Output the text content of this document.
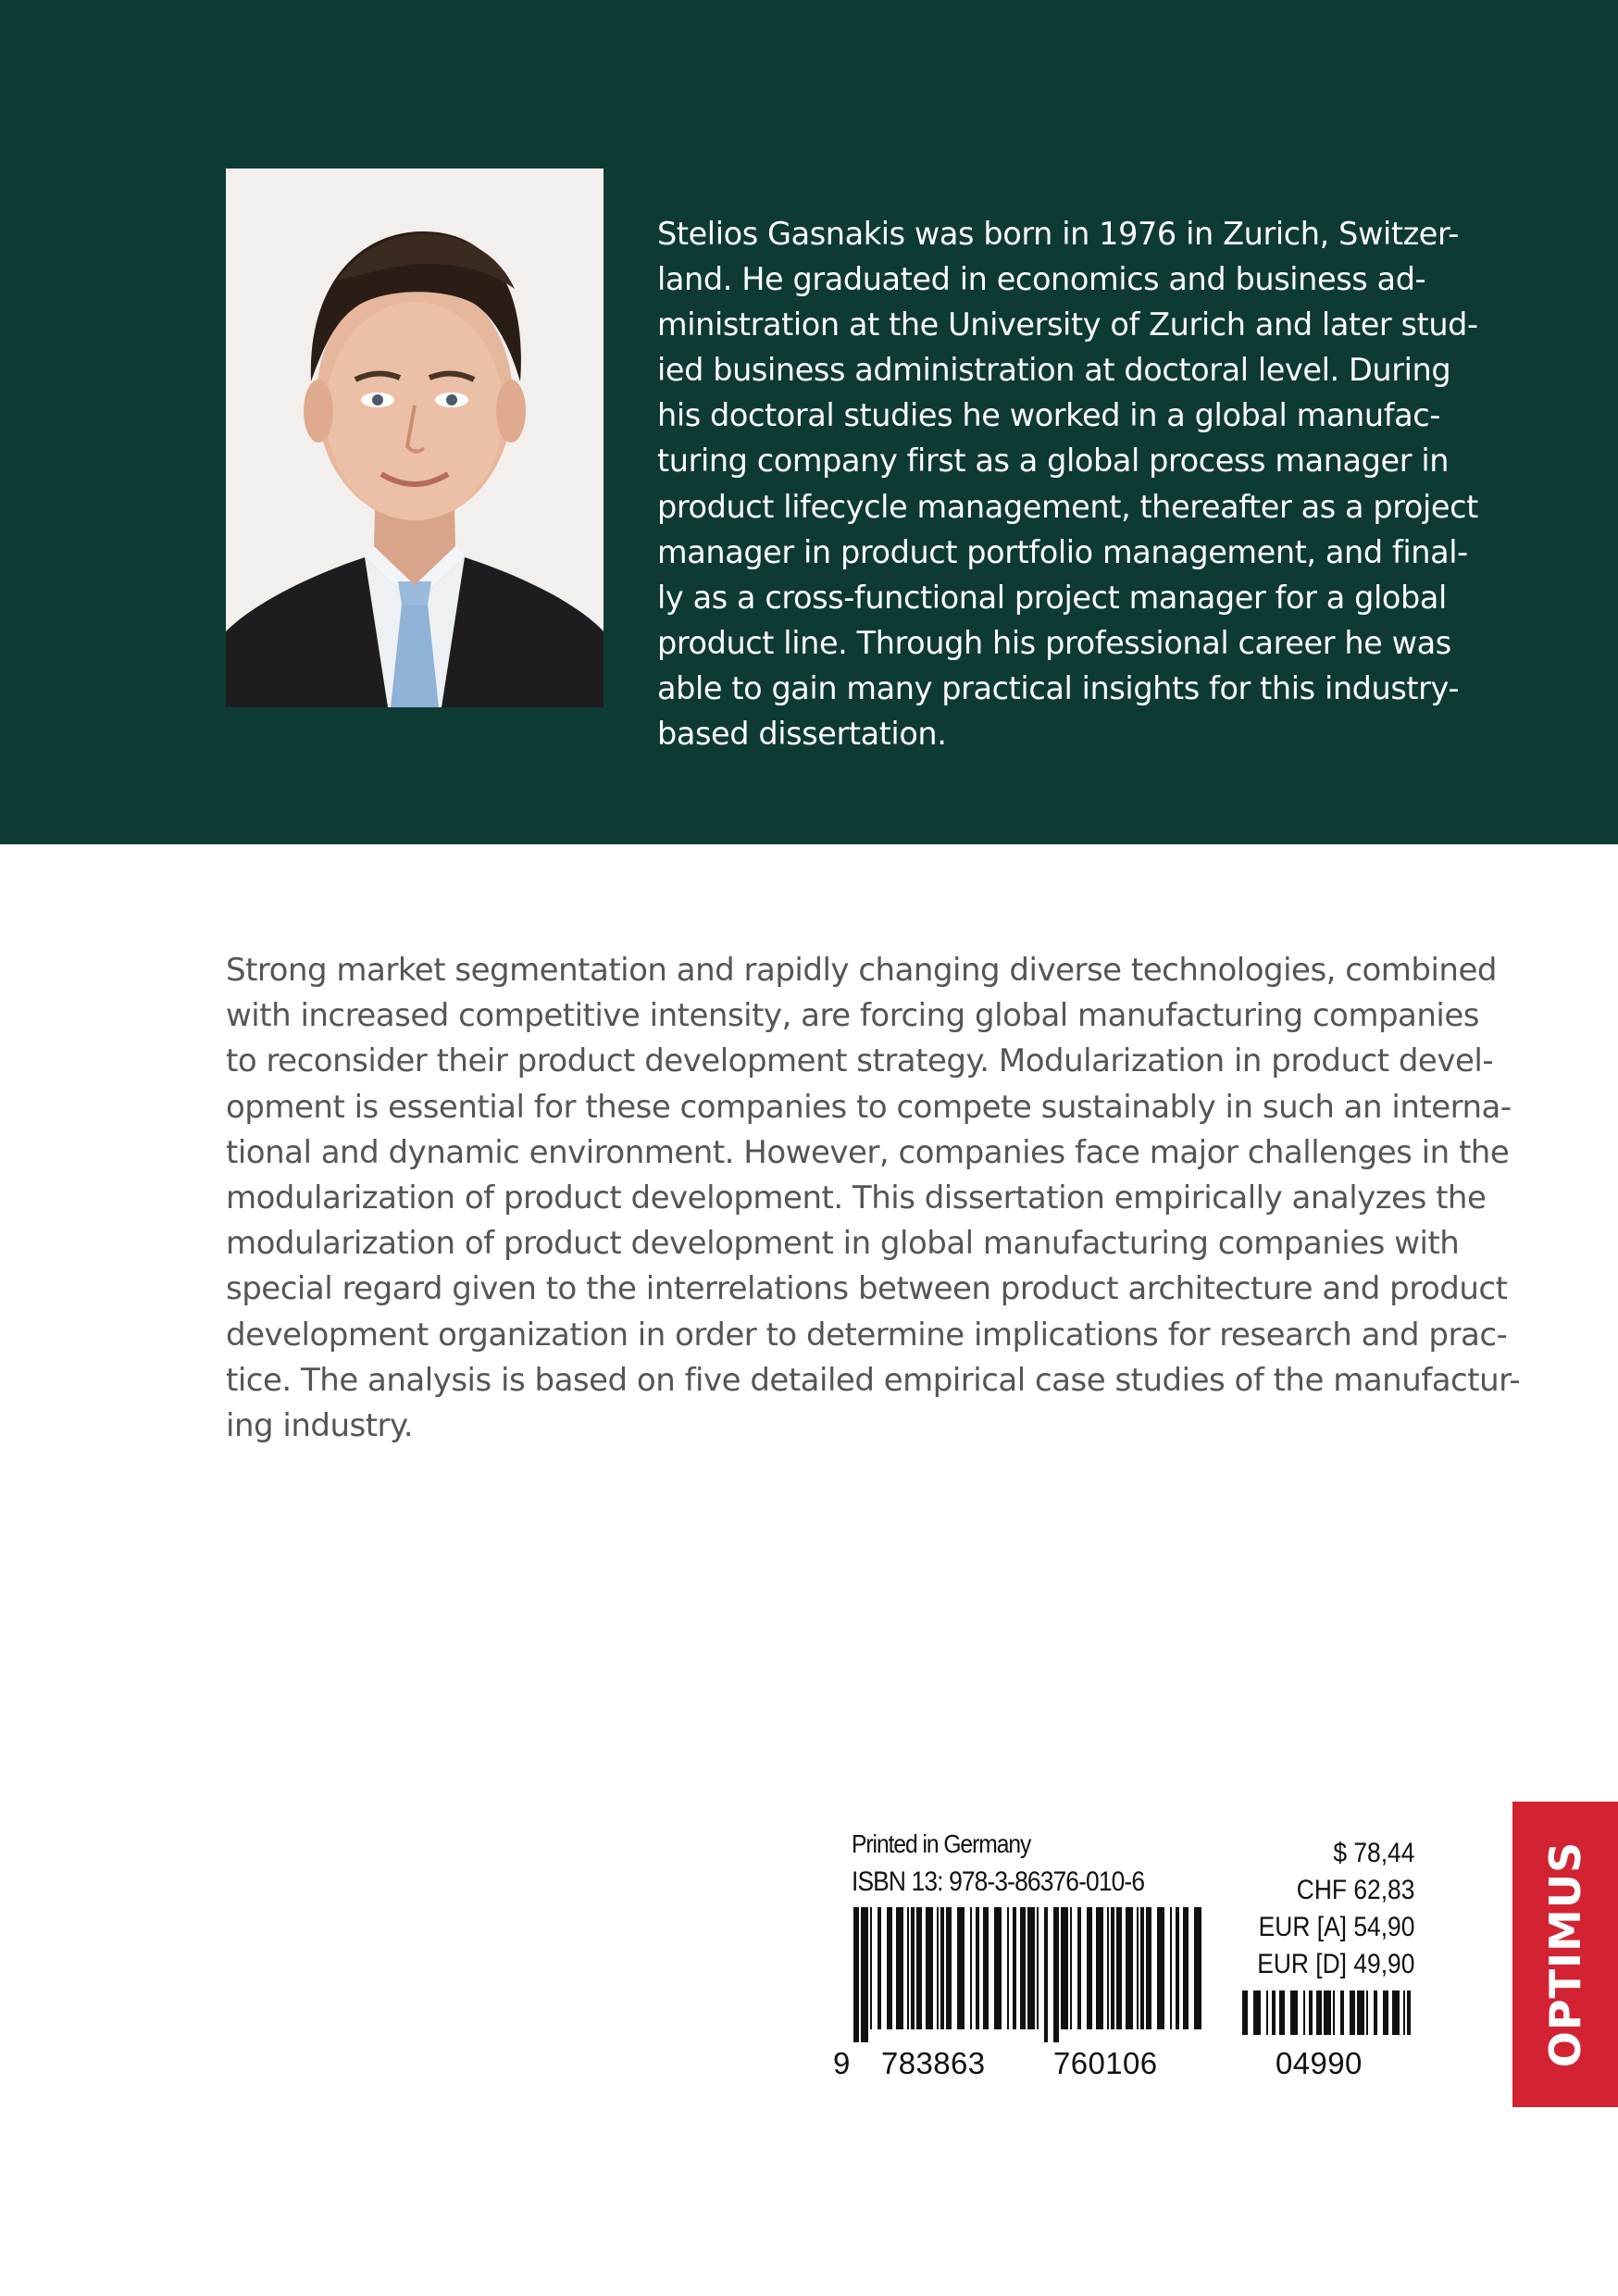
Stelios Gasnakis was born in 1976 in Zurich, Switzer-
land. He graduated in economics and business ad-
ministration at the University of Zurich and later stud-
ied business administration at doctoral level. During
his doctoral studies he worked in a global manufac-
turing company first as a global process manager in
product lifecycle management, thereafter as a project
manager in product portfolio management, and final-
ly as a cross-functional project manager for a global
product line. Through his professional career he was
able to gain many practical insights for this industry-
based dissertation.
Strong market segmentation and rapidly changing diverse technologies, combined
with increased competitive intensity, are forcing global manufacturing companies
to reconsider their product development strategy. Modularization in product devel-
opment is essential for these companies to compete sustainably in such an interna-
tional and dynamic environment. However, companies face major challenges in the
modularization of product development. This dissertation empirically analyzes the
modularization of product development in global manufacturing companies with
special regard given to the interrelations between product architecture and product
development organization in order to determine implications for research and prac-
tice. The analysis is based on five detailed empirical case studies of the manufactur-
ing industry.
Printed in Germany
ISBN 13: 978-3-86376-010-6
$ 78,44
CHF 62,83
EUR [A] 54,90
EUR [D] 49,90
9 783863 760106	04990	OPTIMUS
